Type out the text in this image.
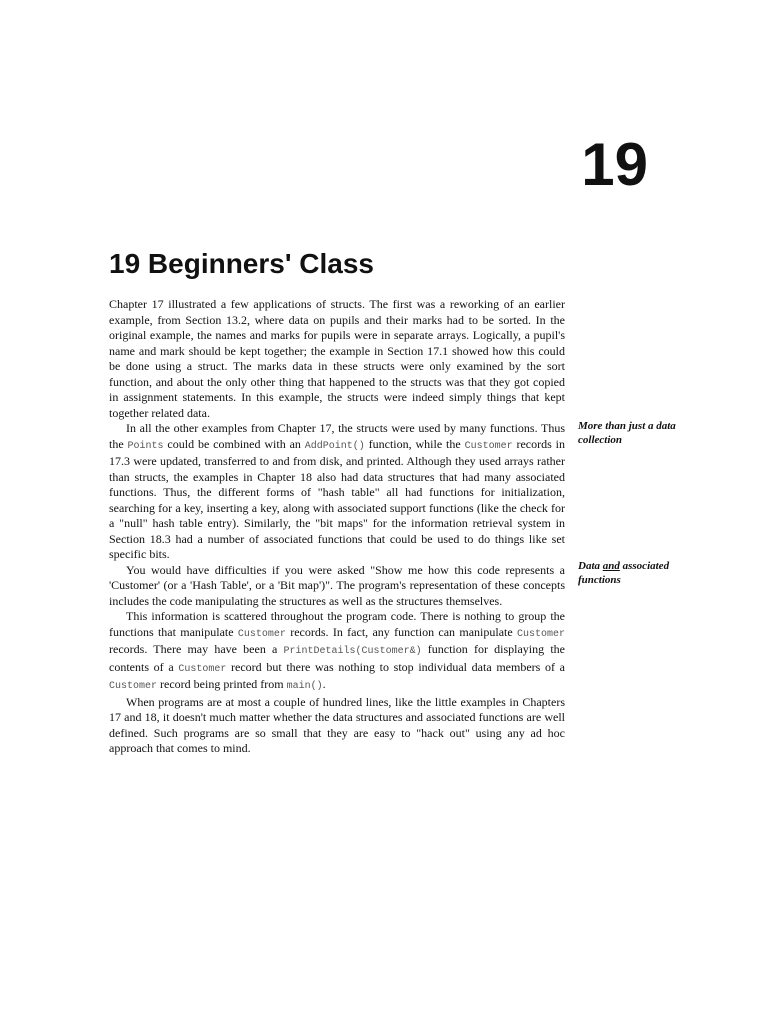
19
19 Beginners' Class

Chapter 17 illustrated a few applications of structs. The first was a reworking of an earlier example, from Section 13.2, where data on pupils and their marks had to be sorted. In the original example, the names and marks for pupils were in separate arrays. Logically, a pupil's name and mark should be kept together; the example in Section 17.1 showed how this could be done using a struct. The marks data in these structs were only examined by the sort function, and about the only other thing that happened to the structs was that they got copied in assignment statements. In this example, the structs were indeed simply things that kept together related data.

In all the other examples from Chapter 17, the structs were used by many functions. Thus the Points could be combined with an AddPoint() function, while the Customer records in 17.3 were updated, transferred to and from disk, and printed. Although they used arrays rather than structs, the examples in Chapter 18 also had data structures that had many associated functions. Thus, the different forms of "hash table" all had functions for initialization, searching for a key, inserting a key, along with associated support functions (like the check for a "null" hash table entry). Similarly, the "bit maps" for the information retrieval system in Section 18.3 had a number of associated functions that could be used to do things like set specific bits.

You would have difficulties if you were asked "Show me how this code represents a 'Customer' (or a 'Hash Table', or a 'Bit map')". The program's representation of these concepts includes the code manipulating the structures as well as the structures themselves.

This information is scattered throughout the program code. There is nothing to group the functions that manipulate Customer records. In fact, any function can manipulate Customer records. There may have been a PrintDetails(Customer&) function for displaying the contents of a Customer record but there was nothing to stop individual data members of a Customer record being printed from main().

When programs are at most a couple of hundred lines, like the little examples in Chapters 17 and 18, it doesn't much matter whether the data structures and associated functions are well defined. Such programs are so small that they are easy to "hack out" using any ad hoc approach that comes to mind.

More than just a data collection
Data and associated functions
